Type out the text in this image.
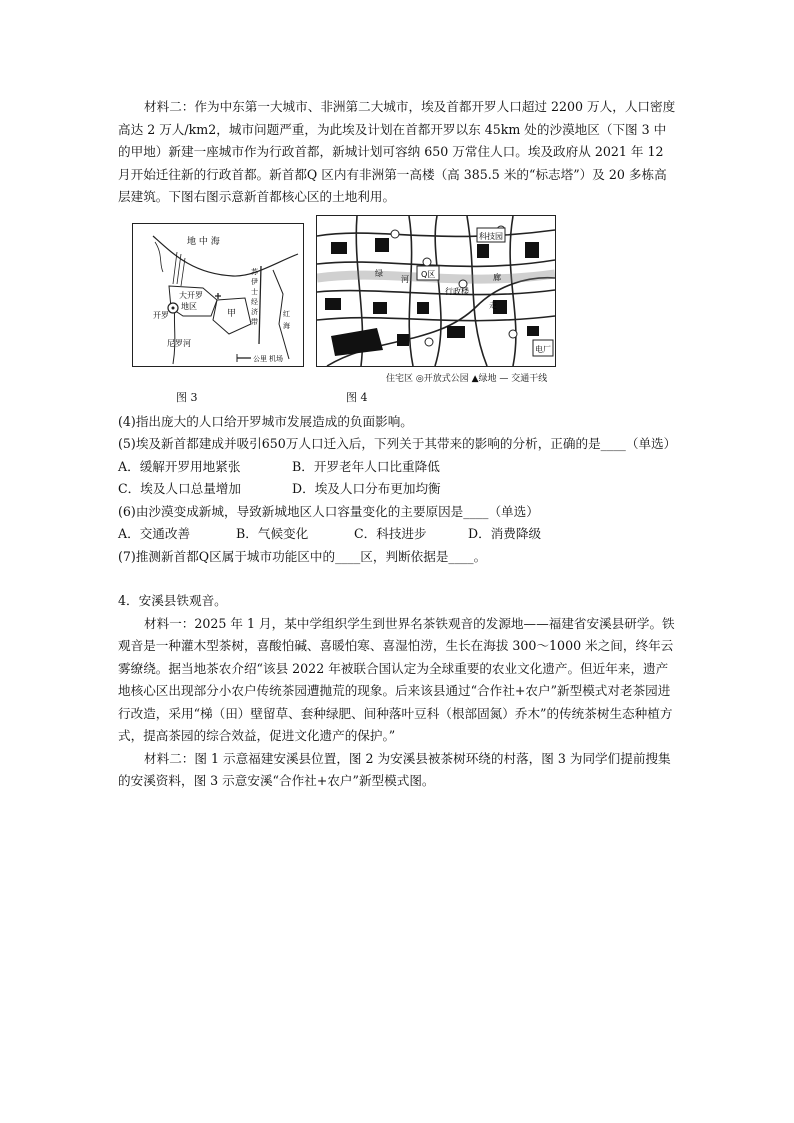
材料二：作为中东第一大城市、非洲第二大城市，埃及首都开罗人口超过 2200 万人，人口密度高达 2 万人/km2，城市问题严重，为此埃及计划在首都开罗以东 45km 处的沙漠地区（下图 3 中的甲地）新建一座城市作为行政首都，新城计划可容纳 650 万常住人口。埃及政府从 2021 年 12 月开始迁往新的行政首都。新首都Q 区内有非洲第一高楼（高 385.5 米的“标志塔”）及 20 多栋高层建筑。下图右图示意新首都核心区的土地利用。

地 中 海
大开罗
地区
开罗	甲
尼罗河
苏
伊
士
经
济
带
红
海
公里 机场
科技园
Q区
绿
河
行政楼
廊
走
电厂
住宅区 ◎开放式公园 ▲绿地 — 交通干线
图 3	图 4

(4)指出庞大的人口给开罗城市发展造成的负面影响。

(5)埃及新首都建成并吸引650万人口迁入后，下列关于其带来的影响的分析，正确的是____（单选）

A．缓解开罗用地紧张	B．开罗老年人口比重降低
C．埃及人口总量增加	D．埃及人口分布更加均衡

(6)由沙漠变成新城，导致新城地区人口容量变化的主要原因是____（单选）

A．交通改善	B．气候变化	C．科技进步	D．消费降级

(7)推测新首都Q区属于城市功能区中的____区，判断依据是____。

4．安溪县铁观音。

材料一：2025 年 1 月，某中学组织学生到世界名茶铁观音的发源地——福建省安溪县研学。铁观音是一种灌木型茶树，喜酸怕碱、喜暖怕寒、喜湿怕涝，生长在海拔 300～1000 米之间，终年云雾缭绕。据当地茶农介绍“该县 2022 年被联合国认定为全球重要的农业文化遗产。但近年来，遗产地核心区出现部分小农户传统茶园遭抛荒的现象。后来该县通过“合作社+农户”新型模式对老茶园进行改造，采用“梯（田）壁留草、套种绿肥、间种落叶豆科（根部固氮）乔木”的传统茶树生态种植方式，提高茶园的综合效益，促进文化遗产的保护。”

材料二：图 1 示意福建安溪县位置，图 2 为安溪县被茶树环绕的村落，图 3 为同学们提前搜集的安溪资料，图 3 示意安溪“合作社+农户”新型模式图。
